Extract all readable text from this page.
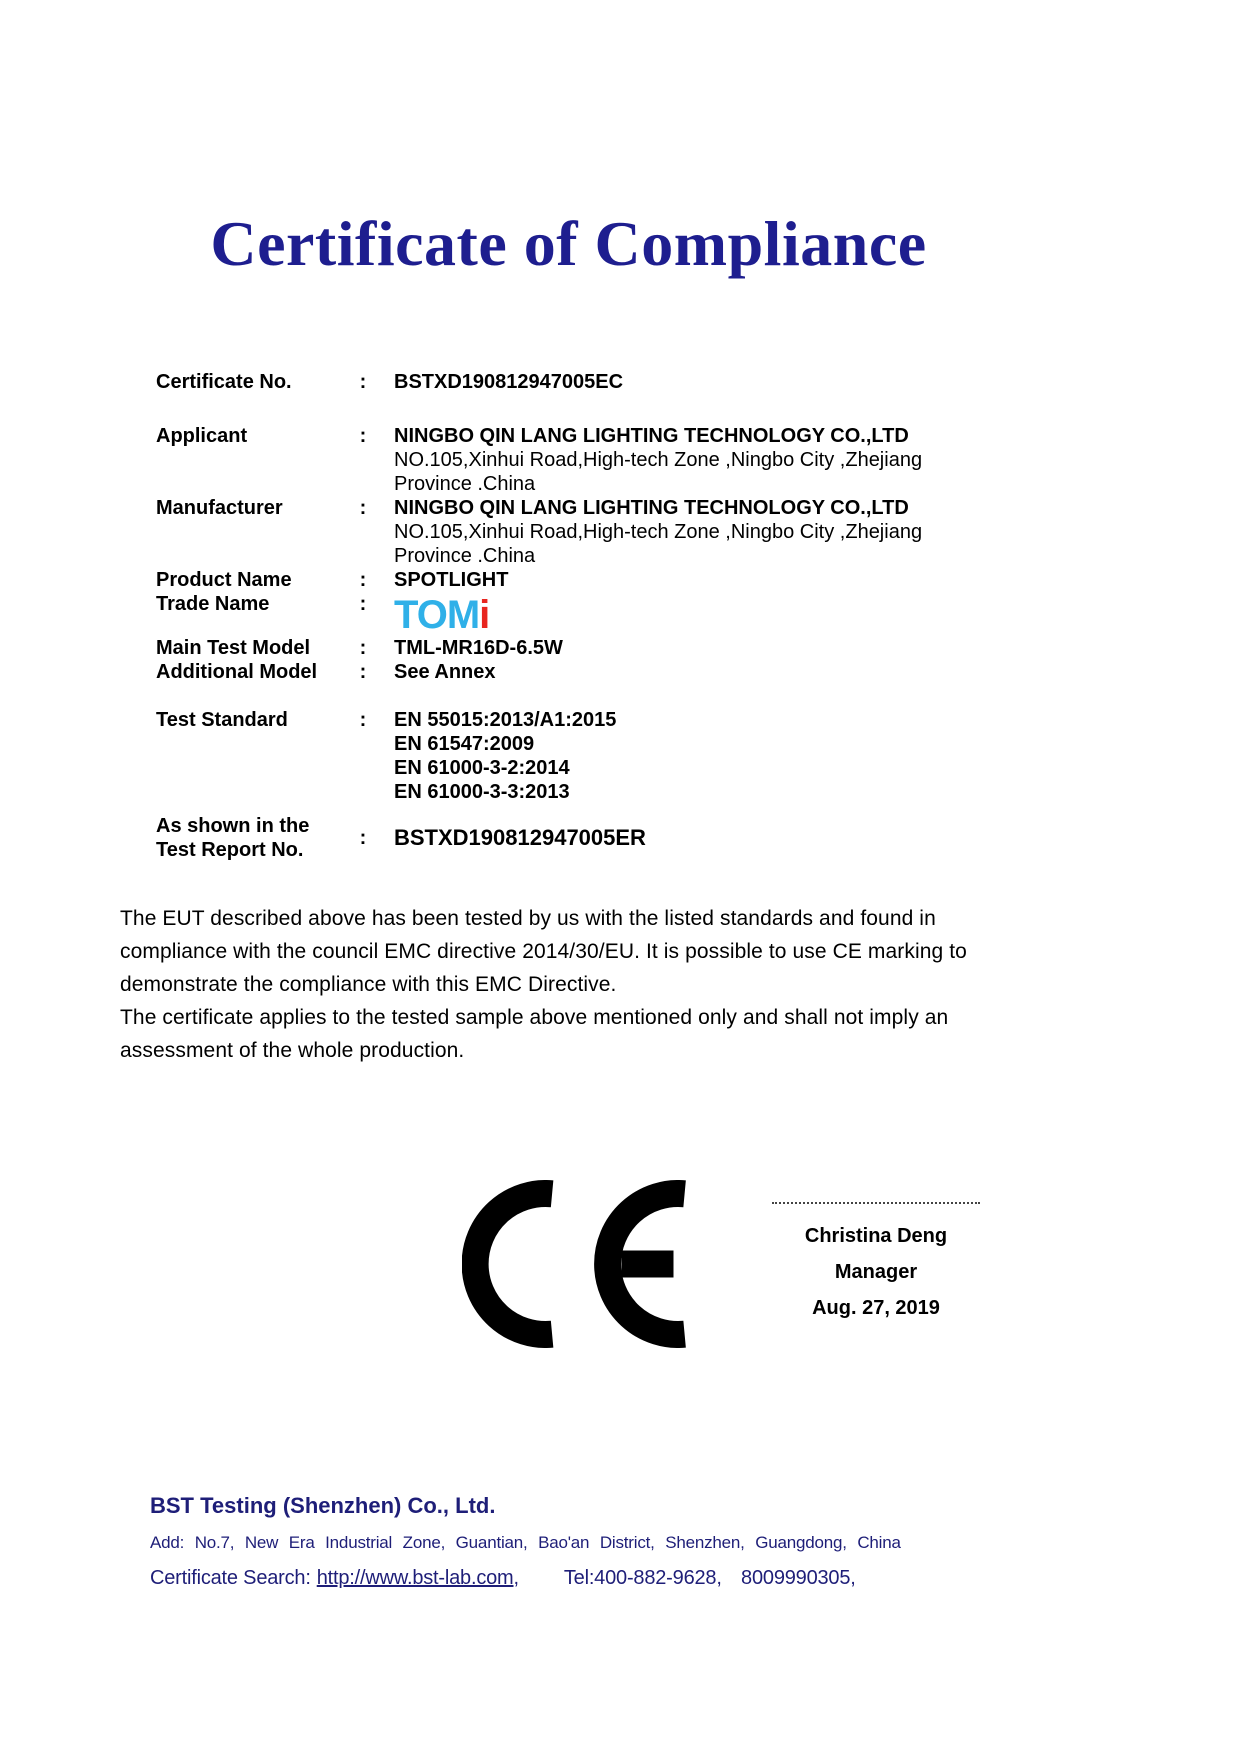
Certificate of Compliance
Certificate No.	:	BSTXD190812947005EC
Applicant	:	NINGBO QIN LANG LIGHTING TECHNOLOGY CO.,LTD
NO.105,Xinhui Road,High-tech Zone ,Ningbo City ,Zhejiang Province .China
Manufacturer	:	NINGBO QIN LANG LIGHTING TECHNOLOGY CO.,LTD
NO.105,Xinhui Road,High-tech Zone ,Ningbo City ,Zhejiang Province .China
Product Name	:	SPOTLIGHT
Trade Name	: TOMi
Main Test Model	:	TML-MR16D-6.5W
Additional Model	:	See Annex
Test Standard	:	EN 55015:2013/A1:2015
EN 61547:2009
EN 61000-3-2:2014
EN 61000-3-3:2013
As shown in the
Test Report No.
:	BSTXD190812947005ER

The EUT described above has been tested by us with the listed standards and found in compliance with the council EMC directive 2014/30/EU. It is possible to use CE marking to demonstrate the compliance with this EMC Directive.

The certificate applies to the tested sample above mentioned only and shall not imply an assessment of the whole production.

Christina Deng
Manager
Aug. 27, 2019
BST Testing (Shenzhen) Co., Ltd.
Add: No.7, New Era Industrial Zone, Guantian, Bao'an District, Shenzhen, Guangdong, China
Certificate Search: http://www.bst-lab.com, Tel:400-882-9628, 8009990305,
